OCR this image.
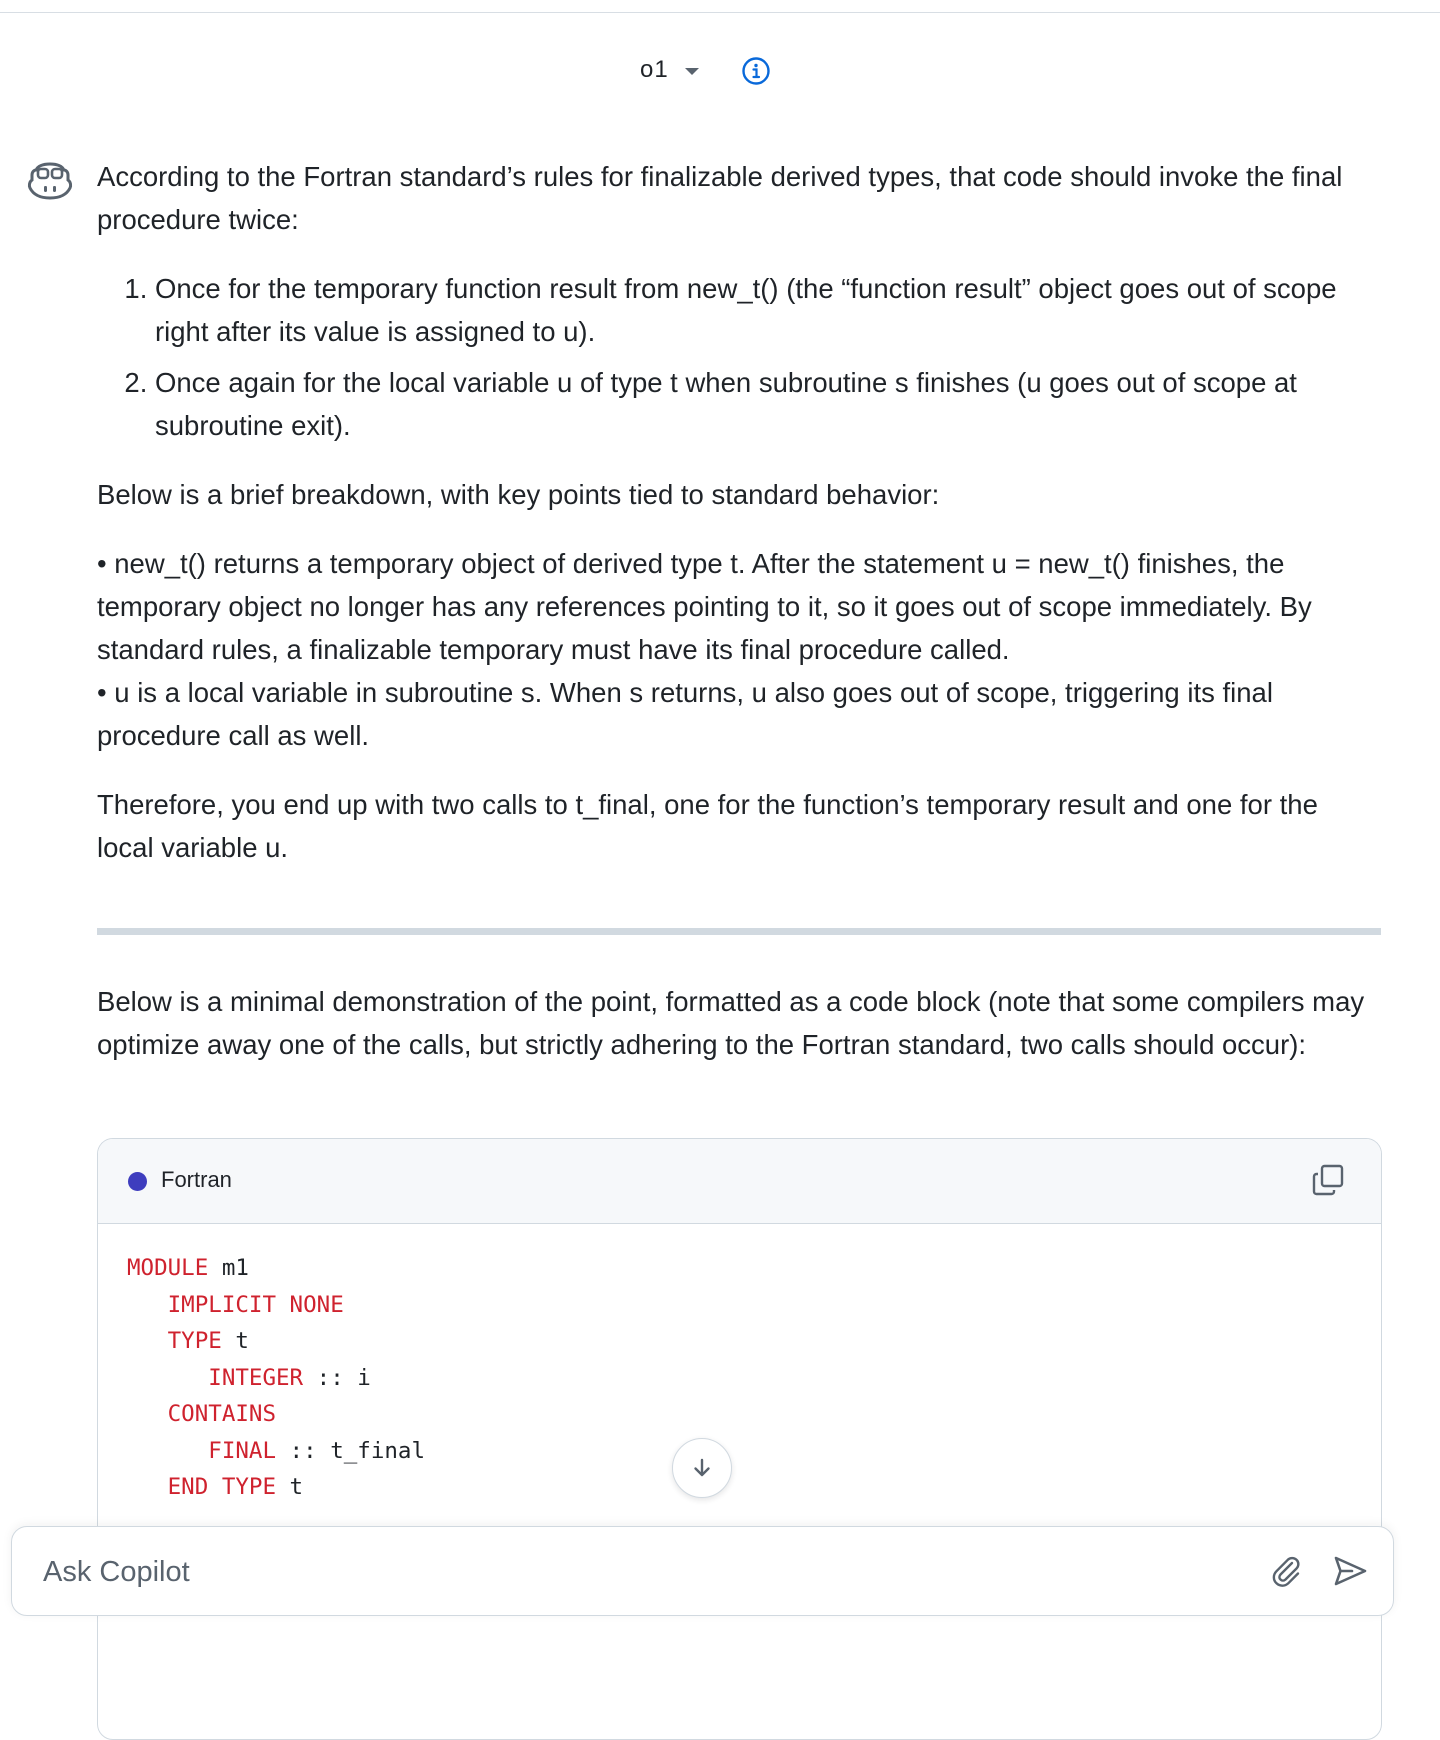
o1

According to the Fortran standard’s rules for finalizable derived types, that code should invoke the final procedure twice:

1. Once for the temporary function result from new_t() (the “function result” object goes out of scope right after its value is assigned to u).
2. Once again for the local variable u of type t when subroutine s finishes (u goes out of scope at subroutine exit).

Below is a brief breakdown, with key points tied to standard behavior:

• new_t() returns a temporary object of derived type t. After the statement u = new_t() finishes, the temporary object no longer has any references pointing to it, so it goes out of scope immediately. By standard rules, a finalizable temporary must have its final procedure called.
• u is a local variable in subroutine s. When s returns, u also goes out of scope, triggering its final procedure call as well.

Therefore, you end up with two calls to t_final, one for the function’s temporary result and one for the local variable u.

Below is a minimal demonstration of the point, formatted as a code block (note that some compilers may optimize away one of the calls, but strictly adhering to the Fortran standard, two calls should occur):

Fortran
MODULE m1
IMPLICIT NONE
TYPE t
INTEGER :: i
CONTAINS
FINAL :: t_final
END TYPE t
Ask Copilot
